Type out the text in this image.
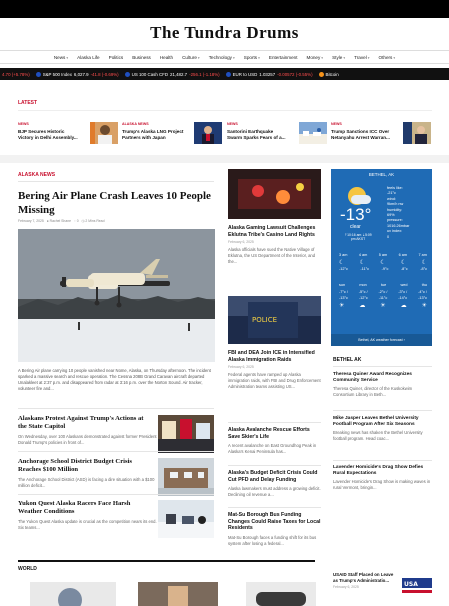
The Tundra Drums
News▾ Alaska Life Politics Business Health Culture▾ Technology▾ Sports▾ Entertainment Money▾ Style▾ Travel▾ Others▾
4.70 (+5.78%)	S&P 500 Index 6,027.9 -41.8 (-0.69%)	US 100 Cash CFD 21,482.7 -256.1 (-1.18%)	EUR to USD 1.03257 -0.00572 (-0.55%)	Bitcoin
LATEST
NEWS
BJP Secures Historic Victory in Delhi Assembly...
ALASKA NEWS
Trump's Alaska LNG Project Partners with Japan
NEWS
Santorini Earthquake Swarm Sparks Fears of a...
NEWS
Trump Sanctions ICC Over Netanyahu Arrest Warran...
ALASKA NEWS
Bering Air Plane Crash Leaves 10 People Missing
February 7, 2025 ● Rachel Shane ◌ 0 ◷ 2 Mins Read
A Bering Air plane carrying 10 people vanished near Nome, Alaska, on Thursday afternoon. The incident sparked a massive search and rescue operation. The Cessna 208B Grand Caravan aircraft departed Unalakleet at 2:37 p.m. and disappeared from radar at 3:16 p.m. over the Norton Sound. Air tracker, volunteer fire and...
Alaskans Protest Against Trump's Actions at the State Capitol
On Wednesday, over 100 Alaskans demonstrated against former President Donald Trump's policies in front of...
Anchorage School District Budget Crisis Reaches $100 Million
The Anchorage School District (ASD) is facing a dire situation with a $100 million deficit...
Yukon Quest Alaska Racers Face Harsh Weather Conditions
The Yukon Quest Alaska update is crucial as the competition nears its end. Six teams...
Alaska Gaming Lawsuit Challenges Eklutna Tribe's Casino Land Rights
February 6, 2025
Alaska officials have sued the Native Village of Eklutna, the US Department of the Interior, and the...
POLICE
FBI and DEA Join ICE in Intensified Alaska Immigration Raids
February 6, 2025
Federal agents have ramped up Alaska immigration raids, with FBI and Drug Enforcement Administration teams assisting US...
Alaska Avalanche Rescue Efforts Save Skier's Life
A recent avalanche on East Groundhog Peak in Alaska's Kenai Peninsula has...
Alaska's Budget Deficit Crisis Could Cut PFD and Delay Funding
Alaska lawmakers must address a growing deficit. Declining oil revenue a...
Mat-Su Borough Bus Funding Changes Could Raise Taxes for Local Residents
Mat-Su Borough faces a funding shift for its bus system after losing a federal...
BETHEL, AK
-13°
clear
⇡10:16 am ⇣5:09 pm AKST
feels like:
-21°c
wind:
9km/h nw
humidity:
69%
pressure:
1016.26mbar
uv index:
0
3 am	4 am	5 am	6 am	7 am
☾	☾	☾	☾	☾
-12°c	-11°c	-9°c	-8°c	-8°c
sun	mon	tue	wed	thu
-7°c /	-5°c /	-2°c /	-3°c /	-4°c /
-13°c	-12°c	-11°c	-14°c	-13°c
☀ ☁ ☀ ☁ ☀
Bethel, AK weather forecast ›
BETHEL AK
Theresa Quiner Award Recognizes Community Service
Theresa Quiner, director of the Kuskokwim Consortium Library in Beth...
Mike Jasper Leaves Bethel University Football Program After Six Seasons
Breaking news has shaken the Bethel University football program. Head coac...
Lavender Homicide's Drag Show Defies Rural Expectations
Lavender Homicide's Drag Show is making waves in rural Vermont, bringin...
WORLD
USAID Staff Placed on Leave as Trump's Administratio...
February 6, 2025	USA
